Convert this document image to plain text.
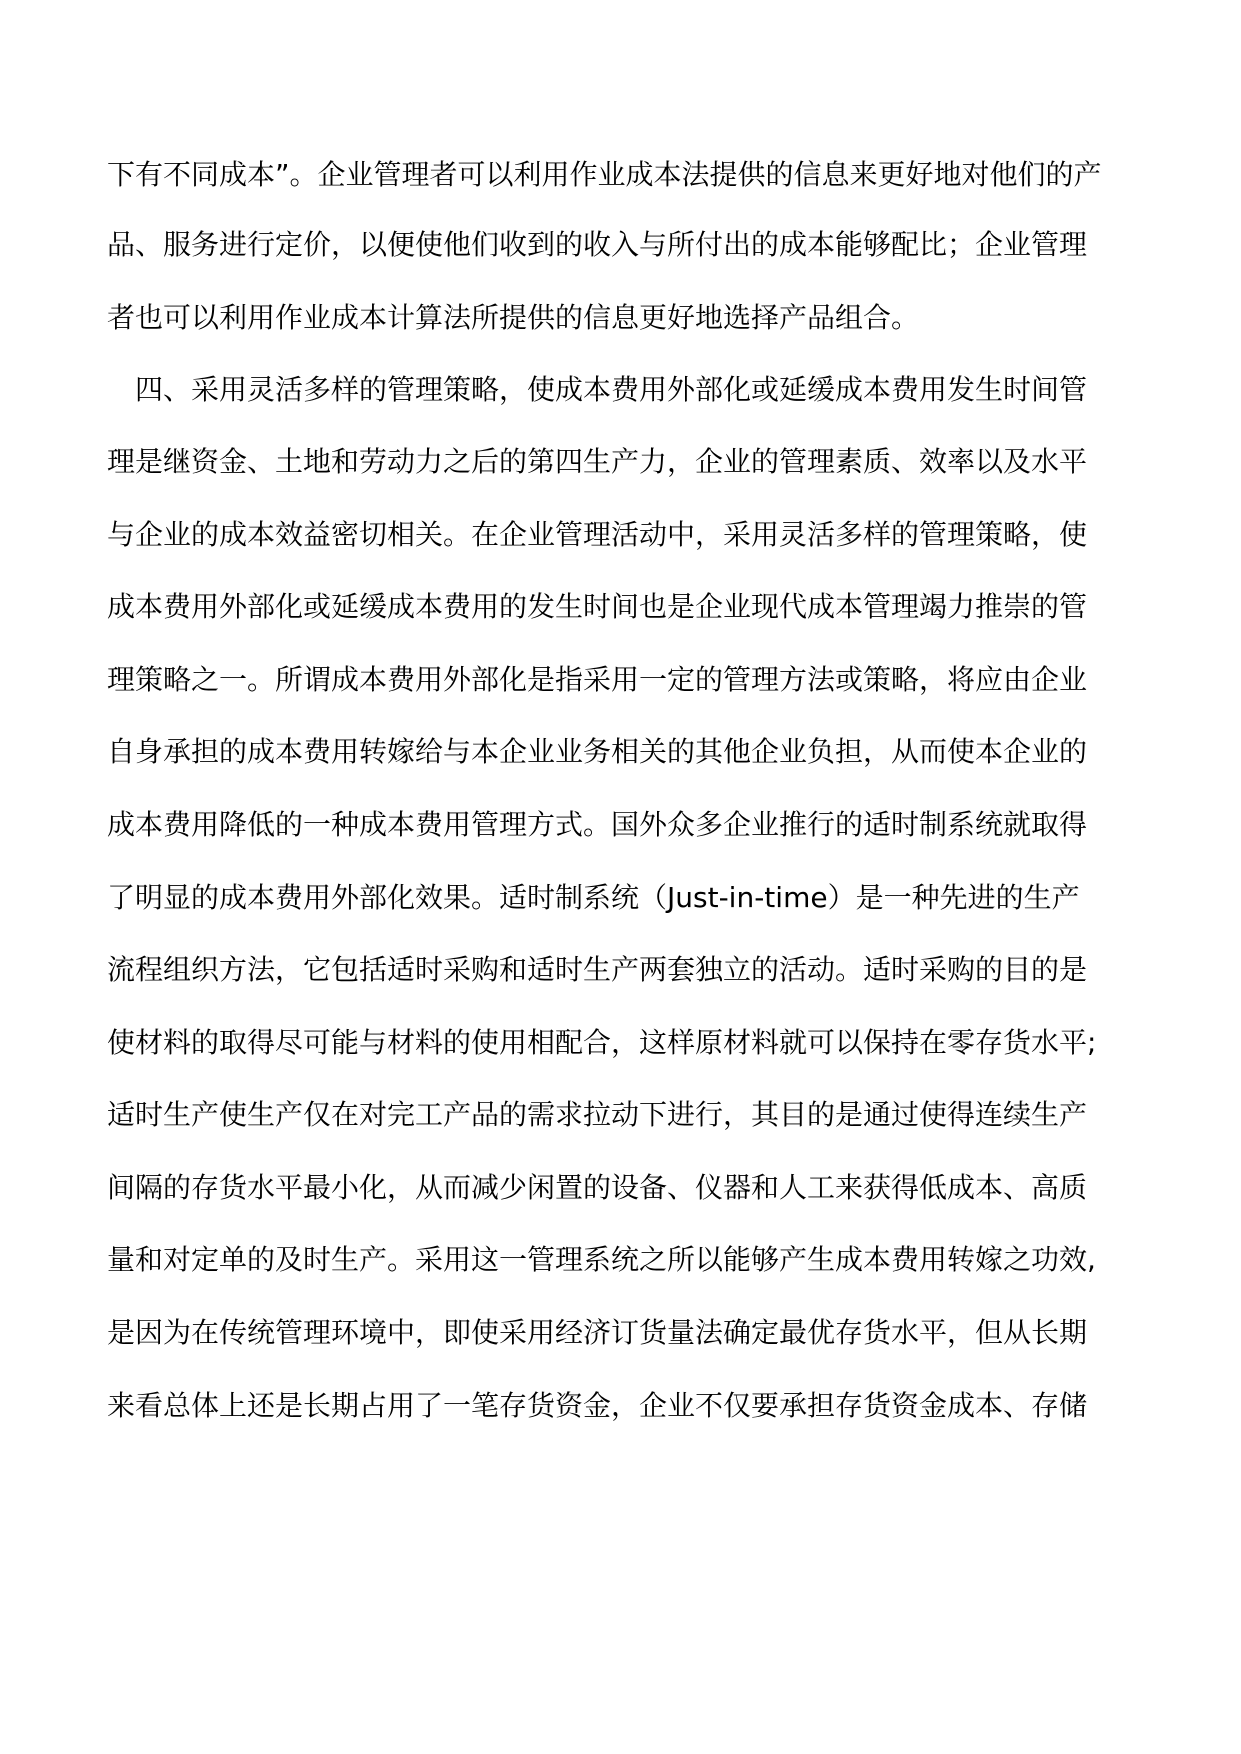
下有不同成本”。企业管理者可以利用作业成本法提供的信息来更好地对他们的产
品、服务进行定价，以便使他们收到的收入与所付出的成本能够配比；企业管理
者也可以利用作业成本计算法所提供的信息更好地选择产品组合。
四、采用灵活多样的管理策略，使成本费用外部化或延缓成本费用发生时间管
理是继资金、土地和劳动力之后的第四生产力，企业的管理素质、效率以及水平
与企业的成本效益密切相关。在企业管理活动中，采用灵活多样的管理策略，使
成本费用外部化或延缓成本费用的发生时间也是企业现代成本管理竭力推崇的管
理策略之一。所谓成本费用外部化是指采用一定的管理方法或策略，将应由企业
自身承担的成本费用转嫁给与本企业业务相关的其他企业负担，从而使本企业的
成本费用降低的一种成本费用管理方式。国外众多企业推行的适时制系统就取得
了明显的成本费用外部化效果。适时制系统（Just-in-time）是一种先进的生产
流程组织方法，它包括适时采购和适时生产两套独立的活动。适时采购的目的是
使材料的取得尽可能与材料的使用相配合，这样原材料就可以保持在零存货水平;
适时生产使生产仅在对完工产品的需求拉动下进行，其目的是通过使得连续生产
间隔的存货水平最小化，从而减少闲置的设备、仪器和人工来获得低成本、高质
量和对定单的及时生产。采用这一管理系统之所以能够产生成本费用转嫁之功效,
是因为在传统管理环境中，即使采用经济订货量法确定最优存货水平，但从长期
来看总体上还是长期占用了一笔存货资金，企业不仅要承担存货资金成本、存储
